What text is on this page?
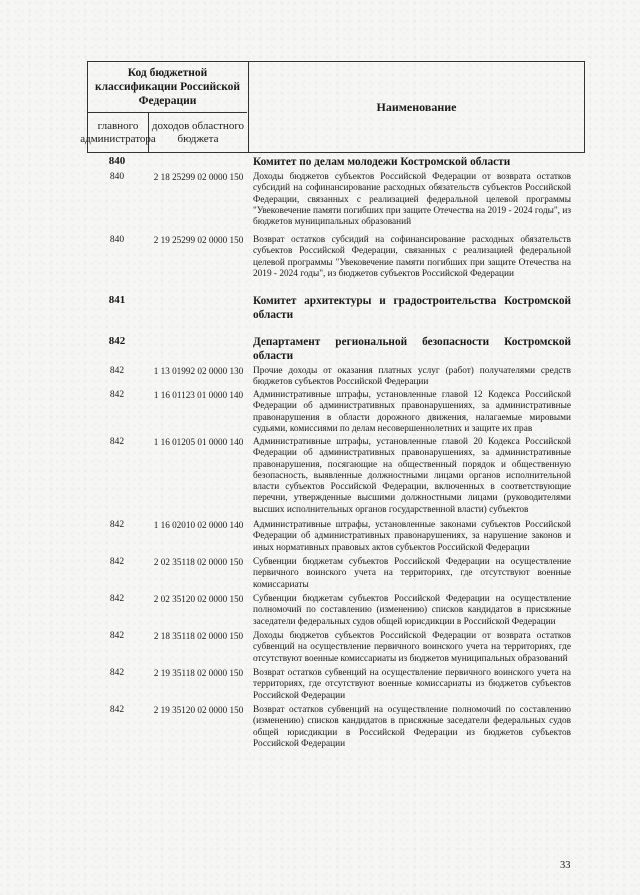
Код бюджетной классификации Российской Федерации
главного администратора
доходов областного бюджета
Наименование
840	Комитет по делам молодежи Костромской области
840	2 18 25299 02 0000 150	Доходы бюджетов субъектов Российской Федерации от возврата остатков субсидий на софинансирование расходных обязательств субъектов Российской Федерации, связанных с реализацией федеральной целевой программы "Увековечение памяти погибших при защите Отечества на 2019 - 2024 годы", из бюджетов муниципальных образований
840	2 19 25299 02 0000 150	Возврат остатков субсидий на софинансирование расходных обязательств субъектов Российской Федерации, связанных с реализацией федеральной целевой программы "Увековечение памяти погибших при защите Отечества на 2019 - 2024 годы", из бюджетов субъектов Российской Федерации
841	Комитет архитектуры и градостроительства Костромской области
842	Департамент региональной безопасности Костромской области
842	1 13 01992 02 0000 130	Прочие доходы от оказания платных услуг (работ) получателями средств бюджетов субъектов Российской Федерации
842	1 16 01123 01 0000 140	Административные штрафы, установленные главой 12 Кодекса Российской Федерации об административных правонарушениях, за административные правонарушения в области дорожного движения, налагаемые мировыми судьями, комиссиями по делам несовершеннолетних и защите их прав
842	1 16 01205 01 0000 140	Административные штрафы, установленные главой 20 Кодекса Российской Федерации об административных правонарушениях, за административные правонарушения, посягающие на общественный порядок и общественную безопасность, выявленные должностными лицами органов исполнительной власти субъектов Российской Федерации, включенных в соответствующие перечни, утвержденные высшими должностными лицами (руководителями высших исполнительных органов государственной власти) субъектов
842	1 16 02010 02 0000 140	Административные штрафы, установленные законами субъектов Российской Федерации об административных правонарушениях, за нарушение законов и иных нормативных правовых актов субъектов Российской Федерации
842	2 02 35118 02 0000 150	Субвенции бюджетам субъектов Российской Федерации на осуществление первичного воинского учета на территориях, где отсутствуют военные комиссариаты
842	2 02 35120 02 0000 150	Субвенции бюджетам субъектов Российской Федерации на осуществление полномочий по составлению (изменению) списков кандидатов в присяжные заседатели федеральных судов общей юрисдикции в Российской Федерации
842	2 18 35118 02 0000 150	Доходы бюджетов субъектов Российской Федерации от возврата остатков субвенций на осуществление первичного воинского учета на территориях, где отсутствуют военные комиссариаты из бюджетов муниципальных образований
842	2 19 35118 02 0000 150	Возврат остатков субвенций на осуществление первичного воинского учета на территориях, где отсутствуют военные комиссариаты из бюджетов субъектов Российской Федерации
842	2 19 35120 02 0000 150	Возврат остатков субвенций на осуществление полномочий по составлению (изменению) списков кандидатов в присяжные заседатели федеральных судов общей юрисдикции в Российской Федерации из бюджетов субъектов Российской Федерации
33
